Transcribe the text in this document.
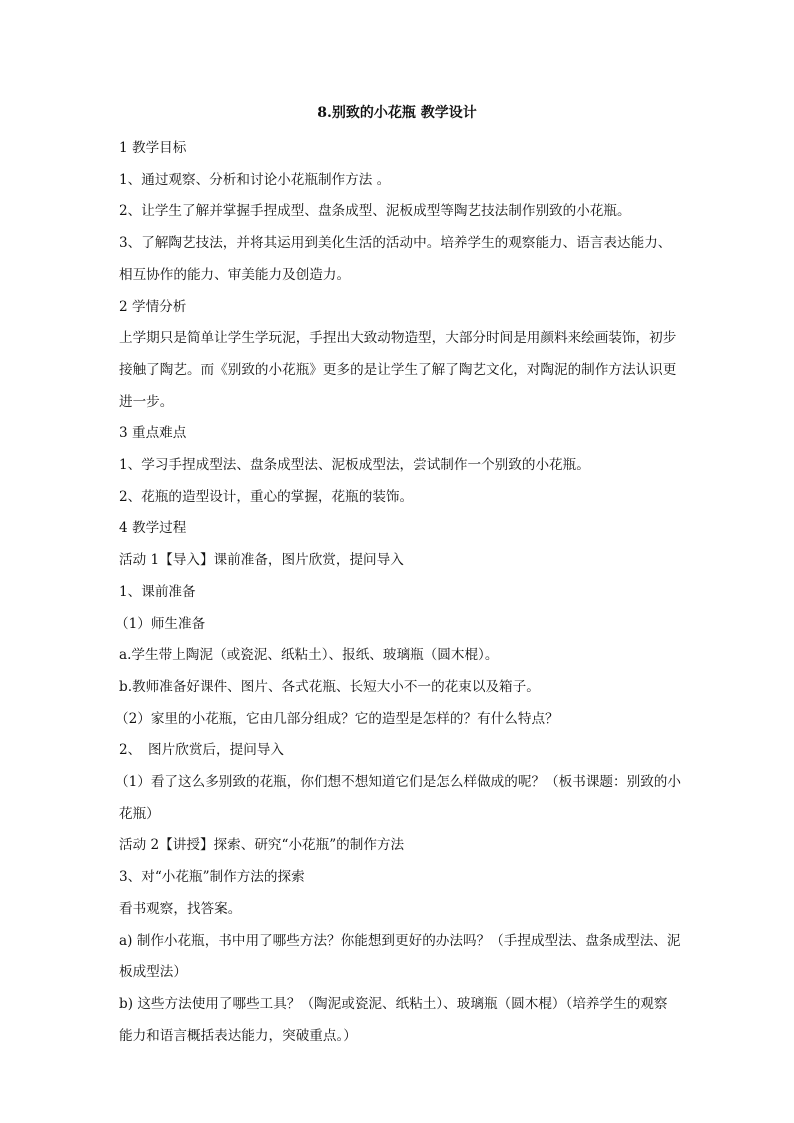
8.别致的小花瓶 教学设计

1 教学目标

1、通过观察、分析和讨论小花瓶制作方法 。

2、让学生了解并掌握手捏成型、盘条成型、泥板成型等陶艺技法制作别致的小花瓶。

3、了解陶艺技法，并将其运用到美化生活的活动中。培养学生的观察能力、语言表达能力、相互协作的能力、审美能力及创造力。

2 学情分析

上学期只是简单让学生学玩泥，手捏出大致动物造型，大部分时间是用颜料来绘画装饰，初步接触了陶艺。而《别致的小花瓶》更多的是让学生了解了陶艺文化，对陶泥的制作方法认识更进一步。

3 重点难点

1、学习手捏成型法、盘条成型法、泥板成型法，尝试制作一个别致的小花瓶。

2、花瓶的造型设计，重心的掌握，花瓶的装饰。

4 教学过程

活动 1【导入】课前准备，图片欣赏，提问导入

1、课前准备

（1）师生准备

a.学生带上陶泥（或瓷泥、纸粘土）、报纸、玻璃瓶（圆木棍）。

b.教师准备好课件、图片、各式花瓶、长短大小不一的花束以及箱子。

（2）家里的小花瓶，它由几部分组成？它的造型是怎样的？有什么特点？

2、　图片欣赏后，提问导入

（1）看了这么多别致的花瓶，你们想不想知道它们是怎么样做成的呢？（板书课题：别致的小花瓶）

活动 2【讲授】探索、研究“小花瓶”的制作方法

3、对“小花瓶”制作方法的探索

看书观察，找答案。

a) 制作小花瓶，书中用了哪些方法？你能想到更好的办法吗？（手捏成型法、盘条成型法、泥板成型法）

b) 这些方法使用了哪些工具？（陶泥或瓷泥、纸粘土）、玻璃瓶（圆木棍）（培养学生的观察能力和语言概括表达能力，突破重点。）
